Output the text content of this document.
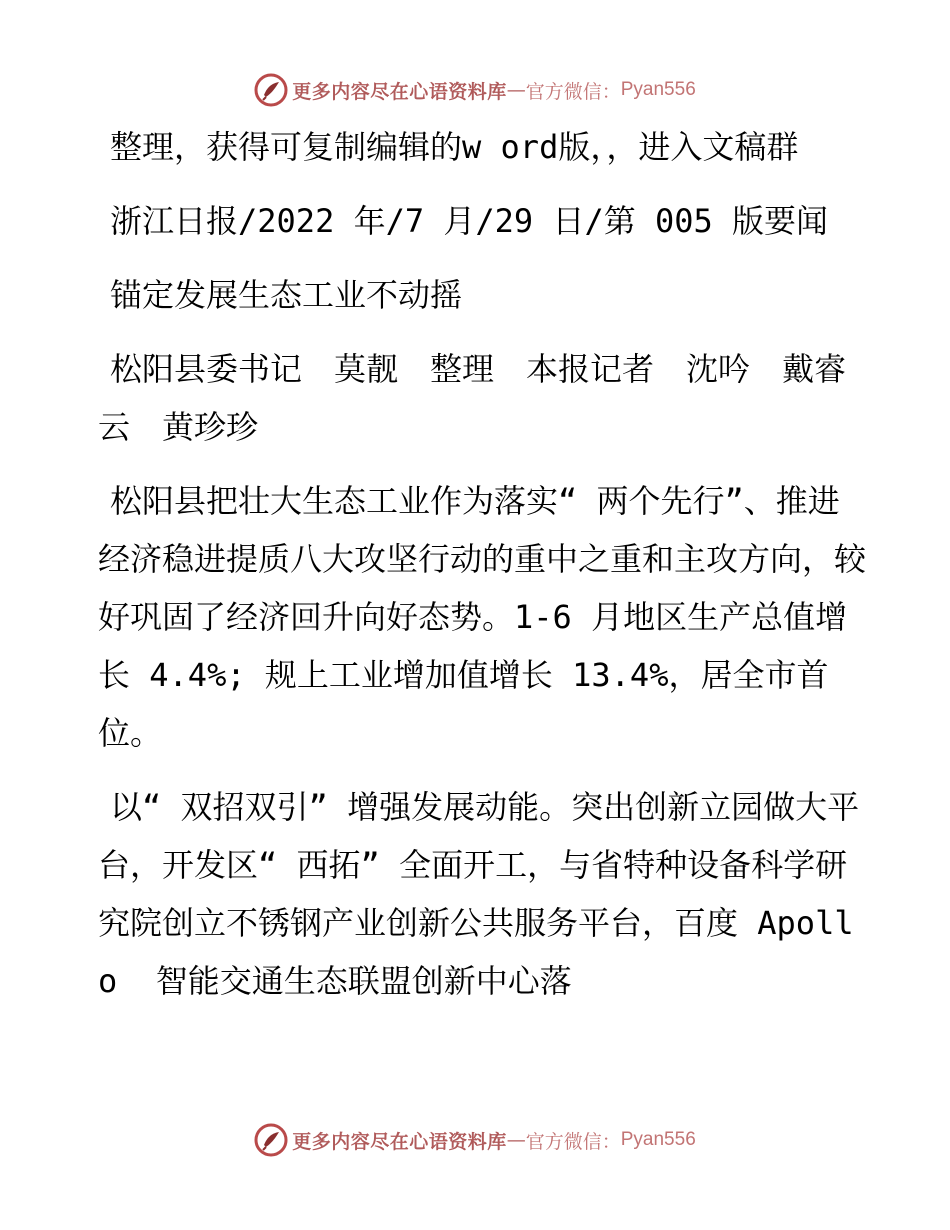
更多内容尽在心语资料库 — 官方微信： Pyan556

整理，获得可复制编辑的w ord版，，进入文稿群

浙江日报/2022 年/7 月/29 日/第 005 版要闻

锚定发展生态工业不动摇

松阳县委书记　莫靓　整理　本报记者　沈吟　戴睿云　黄珍珍

松阳县把壮大生态工业作为落实“ 两个先行”、推进经济稳进提质八大攻坚行动的重中之重和主攻方向，较好巩固了经济回升向好态势。1-6 月地区生产总值增长 4.4%; 规上工业增加值增长 13.4%，居全市首位。

以“ 双招双引” 增强发展动能。突出创新立园做大平台，开发区“ 西拓” 全面开工，与省特种设备科学研究院创立不锈钢产业创新公共服务平台，百度 Apollo  智能交通生态联盟创新中心落

更多内容尽在心语资料库 — 官方微信： Pyan556
